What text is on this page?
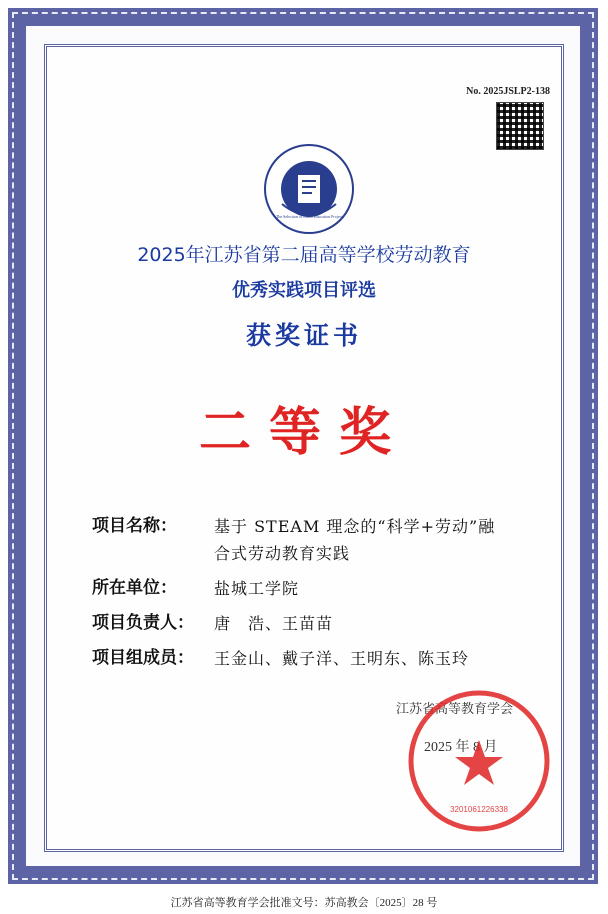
No. 2025JSLP2-138
The Selection of Labor Education Projects
2025年江苏省第二届高等学校劳动教育
优秀实践项目评选
获奖证书
二等奖
项目名称：	基于 STEAM 理念的“科学+劳动”融
合式劳动教育实践
所在单位：	盐城工学院
项目负责人：	唐　浩、王苗苗
项目组成员：	王金山、戴子洋、王明东、陈玉玲
江苏省高等教育学会
2025 年 8 月
3201061226338
江苏省高等教育学会批准文号：苏高教会〔2025〕28 号
